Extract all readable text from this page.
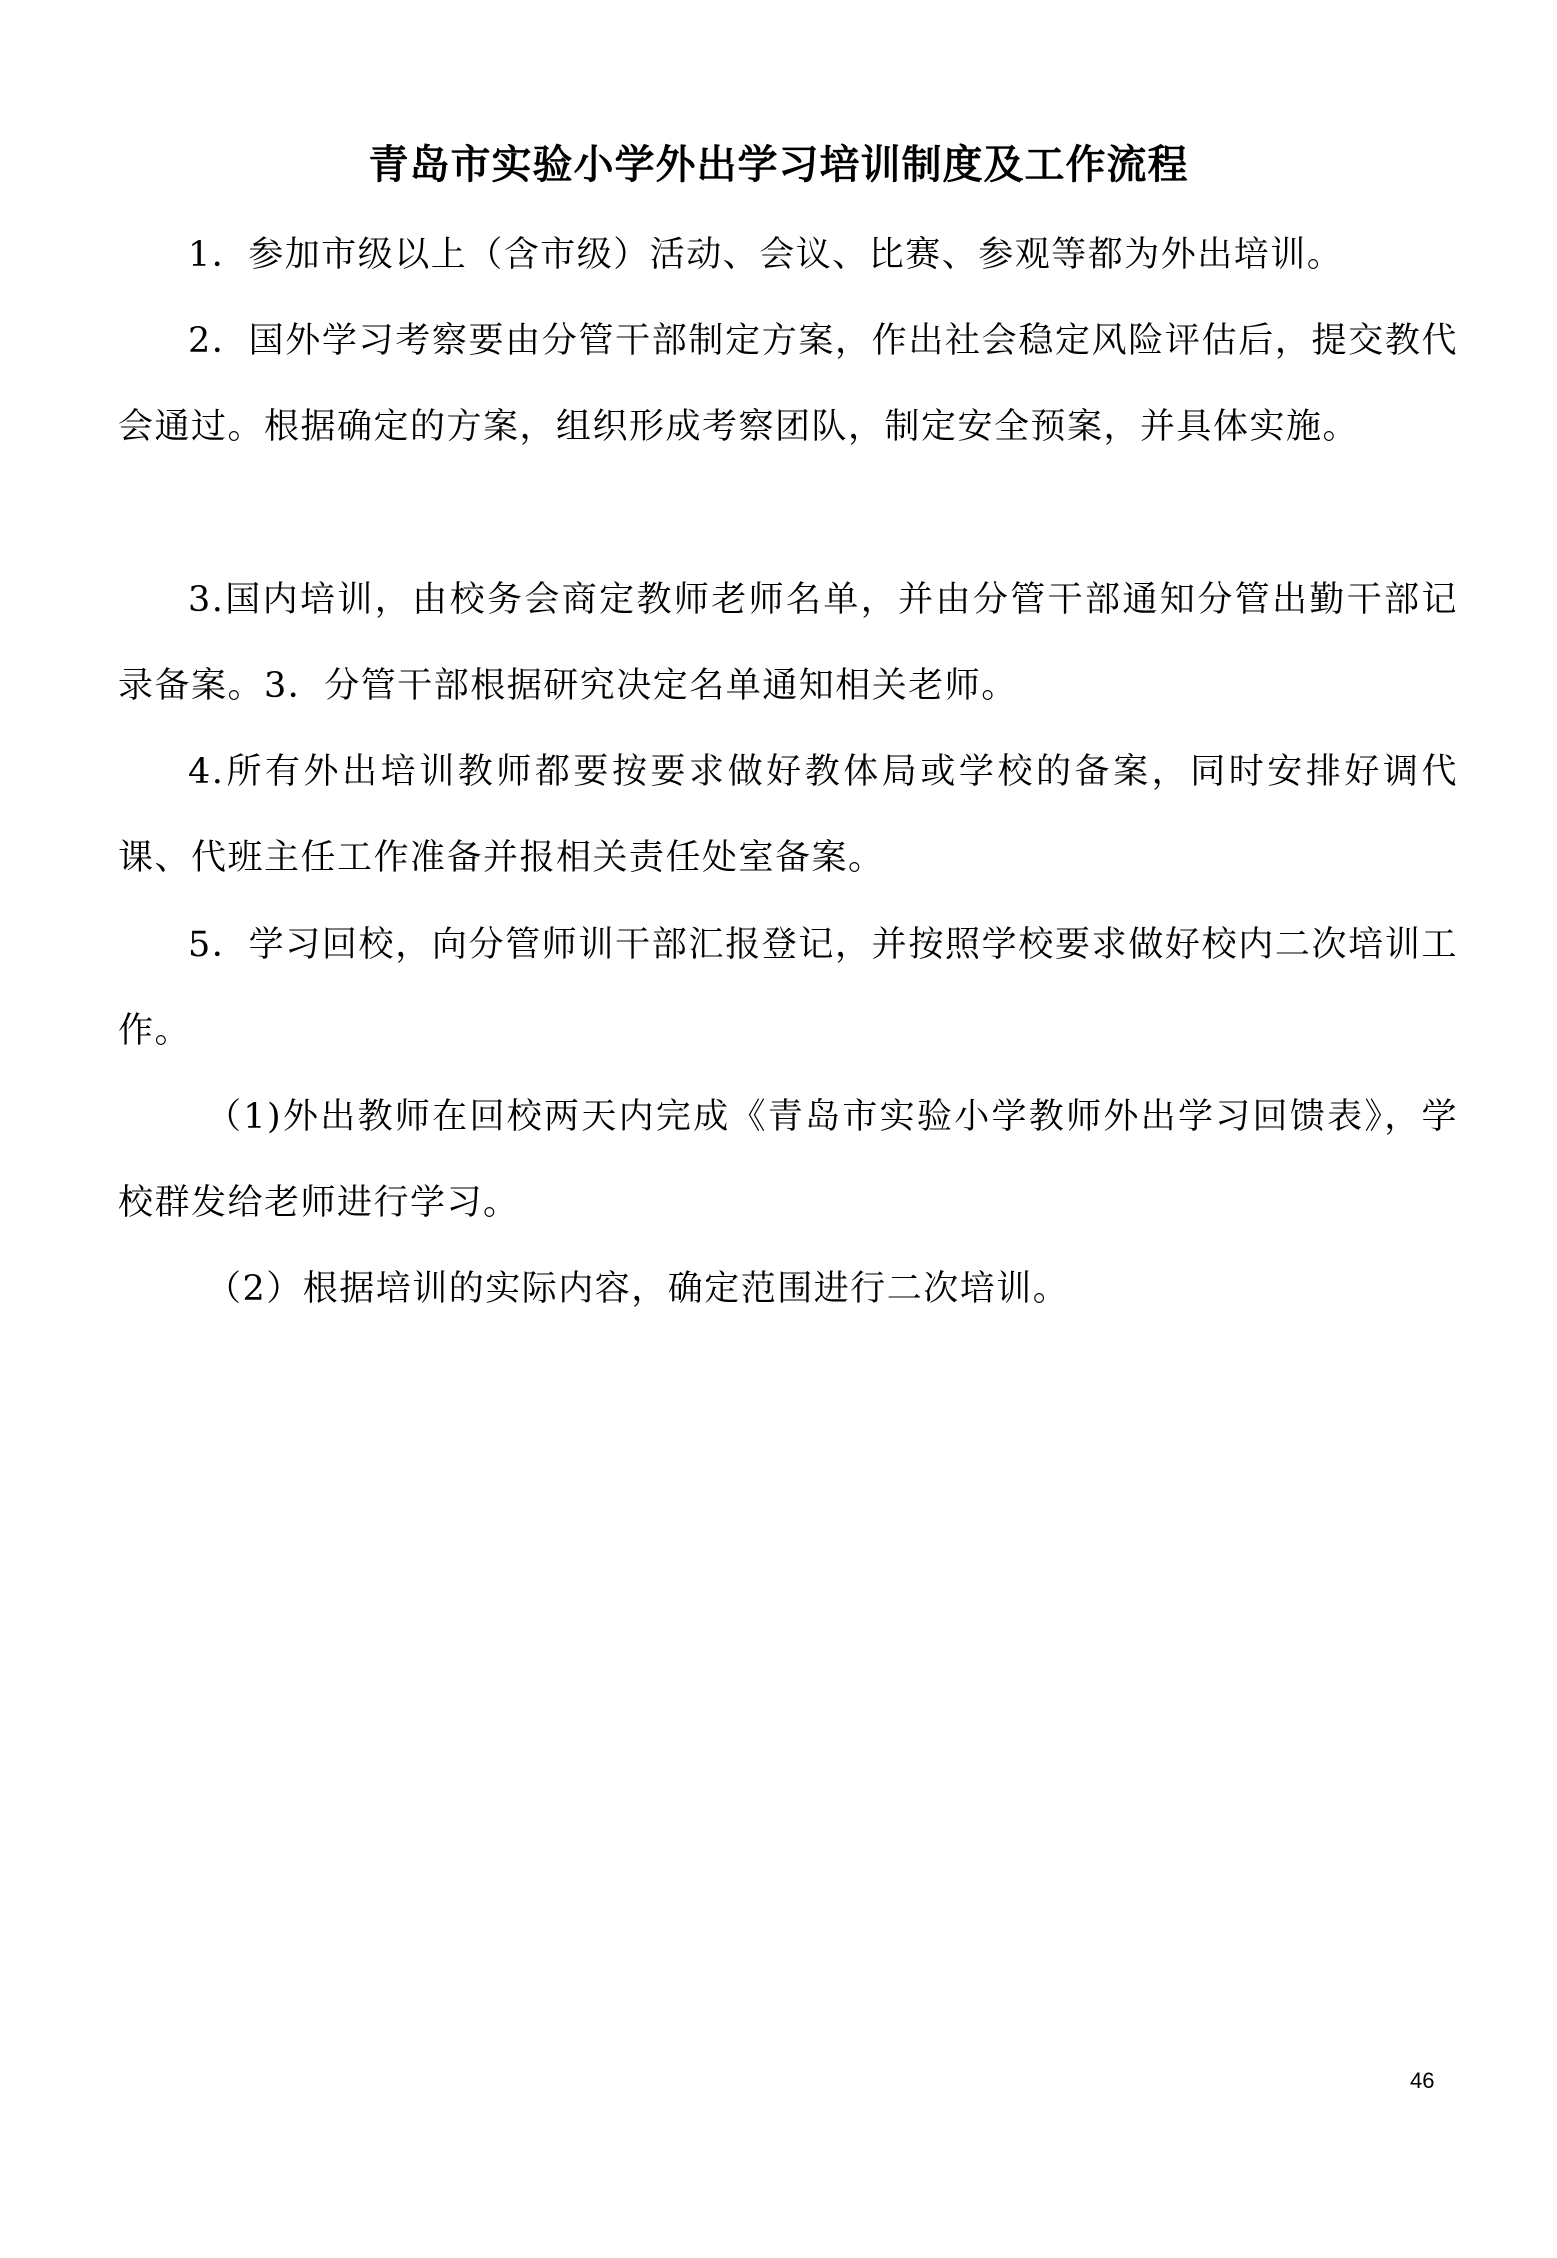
青岛市实验小学外出学习培训制度及工作流程

1．参加市级以上（含市级）活动、会议、比赛、参观等都为外出培训。

2．国外学习考察要由分管干部制定方案，作出社会稳定风险评估后，提交教代会通过。根据确定的方案，组织形成考察团队，制定安全预案，并具体实施。

3.国内培训，由校务会商定教师老师名单，并由分管干部通知分管出勤干部记录备案。3．分管干部根据研究决定名单通知相关老师。

4.所有外出培训教师都要按要求做好教体局或学校的备案，同时安排好调代课、代班主任工作准备并报相关责任处室备案。

5．学习回校，向分管师训干部汇报登记，并按照学校要求做好校内二次培训工作。

（1)外出教师在回校两天内完成《青岛市实验小学教师外出学习回馈表》，学校群发给老师进行学习。

（2）根据培训的实际内容，确定范围进行二次培训。

46
